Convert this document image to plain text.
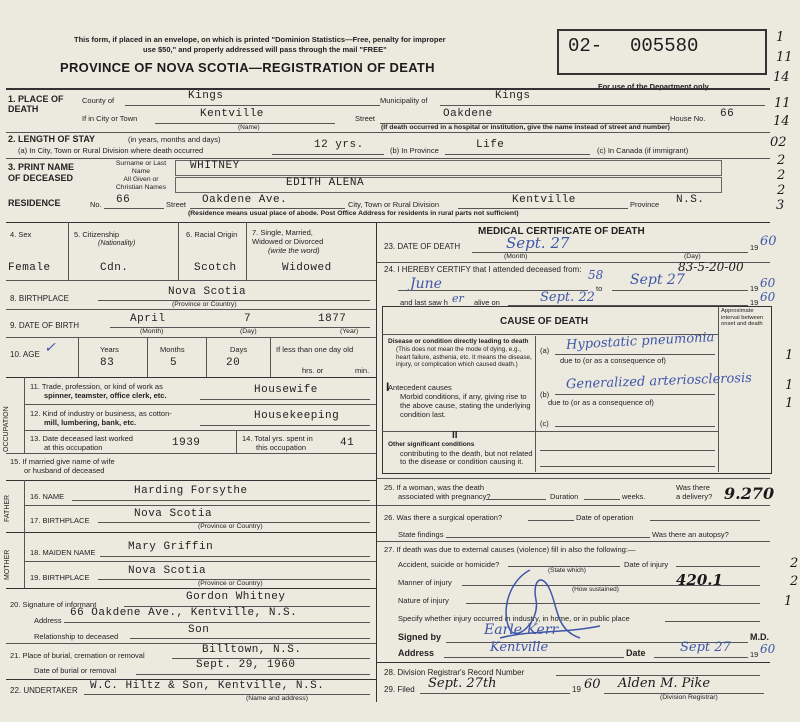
This form, if placed in an envelope, on which is printed "Dominion Statistics—Free, penalty for improper
use $50," and properly addressed will pass through the mail "FREE"
PROVINCE OF NOVA SCOTIA—REGISTRATION OF DEATH
02- 005580
For use of the Department only
1
11
14
1. PLACE OF DEATH
County of	Kings	Municipality of	Kings
If in City or Town	Kentville
(Name)
Street	Oakdene	House No. 66
(If death occurred in a hospital or institution, give the name instead of street and number)
11
14
2. LENGTH OF STAY	(in years, months and days)
(a) In City, Town or Rural Division where death occurred	12 yrs.	(b) In Province	Life	(c) In Canada (if immigrant)
02
3. PRINT NAME OF DECEASED
Surname or Last Name	WHITNEY
All Given or Christian Names	EDITH ALENA
2
2
2
RESIDENCE	No. 66	Street Oakdene Ave.	City, Town or Rural Division	Kentville	Province N.S.
(Residence means usual place of abode. Post Office Address for residents in rural parts not sufficient)
3
4. Sex	5. Citizenship
(Nationality)
6. Racial Origin 7. Single, Married,
Widowed or Divorced
(write the word)
Female	Cdn.	Scotch	Widowed
8. BIRTHPLACE
Nova Scotia
(Province or Country)
9. DATE OF BIRTH
April	7	1877
(Month)	(Day)	(Year)
10. AGE ✓	Years	Months	Days	If less than one day old
83	5	20
hrs. or	min.
OCCUPATION
11. Trade, profession, or kind of work as
spinner, teamster, office clerk, etc.	Housewife
12. Kind of industry or business, as cotton-
mill, lumbering, bank, etc.
Housekeeping
13. Date deceased last worked
at this occupation	1939	14. Total yrs. spent in
this occupation	41
15. If married give name of wife
or husband of deceased
FATHER	16. NAME	Harding Forsythe
17. BIRTHPLACE
Nova Scotia
(Province or Country)
MOTHER	18. MAIDEN NAME	Mary Griffin
19. BIRTHPLACE
Nova Scotia
(Province or Country)
20. Signature of informant
Gordon Whitney
Address
66 Oakdene Ave., Kentville, N.S.
Relationship to deceased
Son
21. Place of burial, cremation or removal	Billtown, N.S.
Date of burial or removal	Sept. 29, 1960
22. UNDERTAKER W.C. Hiltz & Son, Kentville, N.S.
(Name and address)
MEDICAL CERTIFICATE OF DEATH
23. DATE OF DEATH	Sept. 27
(Month)	(Day)
19 60
24. I HEREBY CERTIFY that I attended deceased from:	83-5-20-00
June
58
to
Sept 27
19 60
and last saw h er alive on	Sept. 22	19 60
CAUSE OF DEATH
Approximate interval between onset and death
Disease or condition directly leading to death
(This does not mean the mode of dying, e.g., heart failure, asthenia, etc. It means the disease, injury, or complication which caused death.)
(a) Hypostatic pneumonia
due to (or as a consequence of)
I
Antecedent causes
Morbid conditions, if any, giving rise to the above cause, stating the underlying condition last.
(b)
Generalized arteriosclerosis
due to (or as a consequence of)
(c)
II
Other significant conditions
contributing to the death, but not related to the disease or condition causing it.
1
1
1
25. If a woman, was the death
associated with pregnancy?	Duration	weeks.
Was there
a delivery? 9.270
26. Was there a surgical operation?	Date of operation
State findings	Was there an autopsy?
27. If death was due to external causes (violence) fill in also the following:—
Accident, suicide or homicide?
(State which)
Date of injury
Manner of injury	420.1
(How sustained)
Nature of injury
Specify whether injury occurred in industry, in home, or in public place
2
2
1
Signed by	Earle Kerr	M.D.
Address	Kentville	Date	Sept 27	19 60
28. Division Registrar's Record Number
29. Filed Sept. 27th	19 60 Alden M. Pike
(Division Registrar)
